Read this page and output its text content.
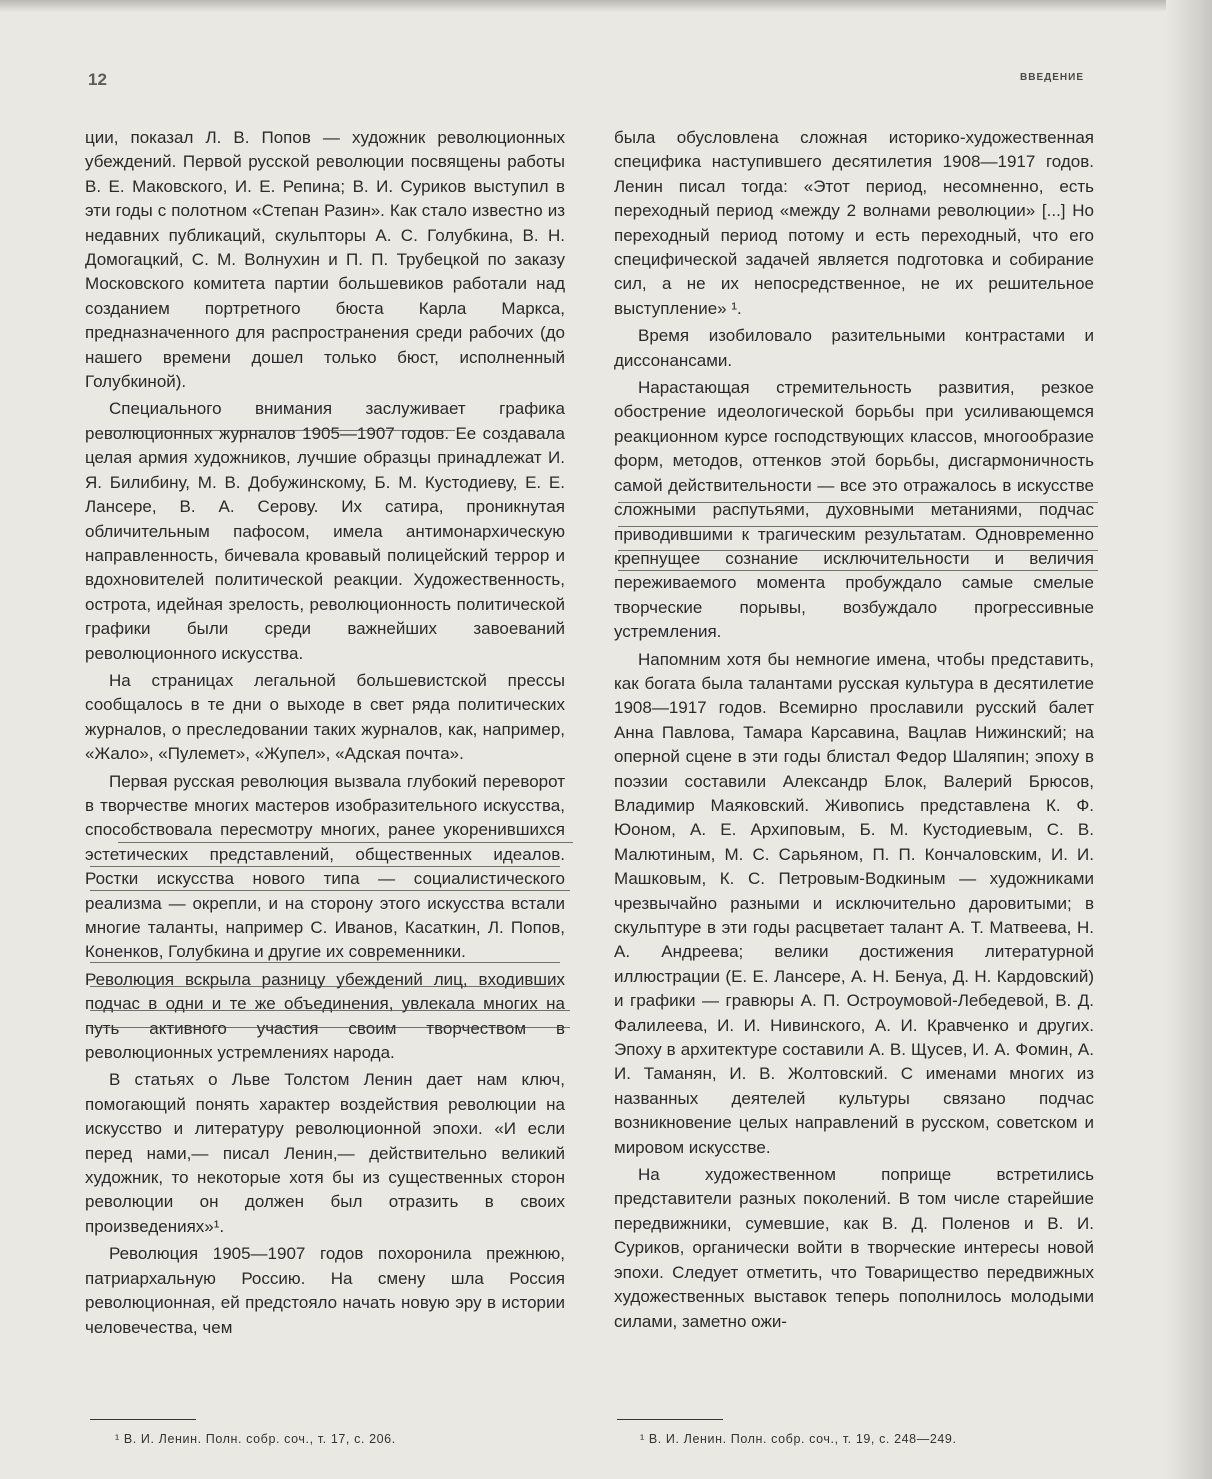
12	ВВЕДЕНИЕ

ции, показал Л. В. Попов — художник революционных убеждений. Первой русской революции посвящены работы В. Е. Маковского, И. Е. Репина; В. И. Суриков выступил в эти годы с полотном «Степан Разин». Как стало известно из недавних публикаций, скульпторы А. С. Голубкина, В. Н. Домогацкий, С. М. Волнухин и П. П. Трубецкой по заказу Московского комитета партии большевиков работали над созданием портретного бюста Карла Маркса, предназначенного для распространения среди рабочих (до нашего времени дошел только бюст, исполненный Голубкиной).

Специального внимания заслуживает графика революционных журналов 1905—1907 годов. Ее создавала целая армия художников, лучшие образцы принадлежат И. Я. Билибину, М. В. Добужинскому, Б. М. Кустодиеву, Е. Е. Лансере, В. А. Серову. Их сатира, проникнутая обличительным пафосом, имела антимонархическую направленность, бичевала кровавый полицейский террор и вдохновителей политической реакции. Художественность, острота, идейная зрелость, революционность политической графики были среди важнейших завоеваний революционного искусства.

На страницах легальной большевистской прессы сообщалось в те дни о выходе в свет ряда политических журналов, о преследовании таких журналов, как, например, «Жало», «Пулемет», «Жупел», «Адская почта».

Первая русская революция вызвала глубокий переворот в творчестве многих мастеров изобразительного искусства, способствовала пересмотру многих, ранее укоренившихся эстетических представлений, общественных идеалов. Ростки искусства нового типа — социалистического реализма — окрепли, и на сторону этого искусства встали многие таланты, например С. Иванов, Касаткин, Л. Попов, Коненков, Голубкина и другие их современники.

Революция вскрыла разницу убеждений лиц, входивших подчас в одни и те же объединения, увлекала многих на путь активного участия своим творчеством в революционных устремлениях народа.

В статьях о Льве Толстом Ленин дает нам ключ, помогающий понять характер воздействия революции на искусство и литературу революционной эпохи. «И если перед нами,— писал Ленин,— действительно великий художник, то некоторые хотя бы из существенных сторон революции он должен был отразить в своих произведениях»¹.

Революция 1905—1907 годов похоронила прежнюю, патриархальную Россию. На смену шла Россия революционная, ей предстояло начать новую эру в истории человечества, чем

была обусловлена сложная историко-художественная специфика наступившего десятилетия 1908—1917 годов. Ленин писал тогда: «Этот период, несомненно, есть переходный период «между 2 волнами революции» [...] Но переходный период потому и есть переходный, что его специфической задачей является подготовка и собирание сил, а не их непосредственное, не их решительное выступление» ¹.

Время изобиловало разительными контрастами и диссонансами.

Нарастающая стремительность развития, резкое обострение идеологической борьбы при усиливающемся реакционном курсе господствующих классов, многообразие форм, методов, оттенков этой борьбы, дисгармоничность самой действительности — все это отражалось в искусстве сложными распутьями, духовными метаниями, подчас приводившими к трагическим результатам. Одновременно крепнущее сознание исключительности и величия переживаемого момента пробуждало самые смелые творческие порывы, возбуждало прогрессивные устремления.

Напомним хотя бы немногие имена, чтобы представить, как богата была талантами русская культура в десятилетие 1908—1917 годов. Всемирно прославили русский балет Анна Павлова, Тамара Карсавина, Вацлав Нижинский; на оперной сцене в эти годы блистал Федор Шаляпин; эпоху в поэзии составили Александр Блок, Валерий Брюсов, Владимир Маяковский. Живопись представлена К. Ф. Юоном, А. Е. Архиповым, Б. М. Кустодиевым, С. В. Малютиным, М. С. Сарьяном, П. П. Кончаловским, И. И. Машковым, К. С. Петровым-Водкиным — художниками чрезвычайно разными и исключительно даровитыми; в скульптуре в эти годы расцветает талант А. Т. Матвеева, Н. А. Андреева; велики достижения литературной иллюстрации (Е. Е. Лансере, А. Н. Бенуа, Д. Н. Кардовский) и графики — гравюры А. П. Остроумовой-Лебедевой, В. Д. Фалилеева, И. И. Нивинского, А. И. Кравченко и других. Эпоху в архитектуре составили А. В. Щусев, И. А. Фомин, А. И. Таманян, И. В. Жолтовский. С именами многих из названных деятелей культуры связано подчас возникновение целых направлений в русском, советском и мировом искусстве.

На художественном поприще встретились представители разных поколений. В том числе старейшие передвижники, сумевшие, как В. Д. Поленов и В. И. Суриков, органически войти в творческие интересы новой эпохи. Следует отметить, что Товарищество передвижных художественных выставок теперь пополнилось молодыми силами, заметно ожи-

¹ В. И. Ленин. Полн. собр. соч., т. 17, с. 206.	¹ В. И. Ленин. Полн. собр. соч., т. 19, с. 248—249.
